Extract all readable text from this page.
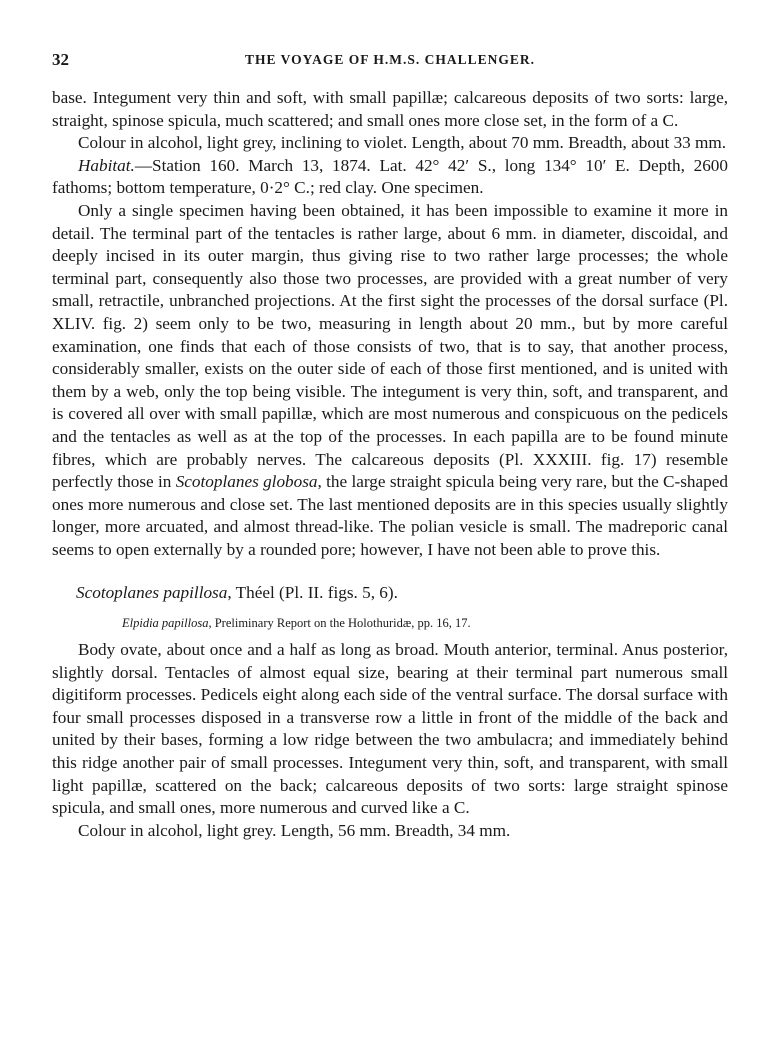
32	THE VOYAGE OF H.M.S. CHALLENGER.

base. Integument very thin and soft, with small papillæ; calcareous deposits of two sorts: large, straight, spinose spicula, much scattered; and small ones more close set, in the form of a C.

Colour in alcohol, light grey, inclining to violet. Length, about 70 mm. Breadth, about 33 mm.

Habitat.—Station 160. March 13, 1874. Lat. 42° 42′ S., long 134° 10′ E. Depth, 2600 fathoms; bottom temperature, 0·2° C.; red clay. One specimen.

Only a single specimen having been obtained, it has been impossible to examine it more in detail. The terminal part of the tentacles is rather large, about 6 mm. in diameter, discoidal, and deeply incised in its outer margin, thus giving rise to two rather large processes; the whole terminal part, consequently also those two processes, are provided with a great number of very small, retractile, unbranched projections. At the first sight the processes of the dorsal surface (Pl. XLIV. fig. 2) seem only to be two, measuring in length about 20 mm., but by more careful examination, one finds that each of those consists of two, that is to say, that another process, considerably smaller, exists on the outer side of each of those first mentioned, and is united with them by a web, only the top being visible. The integument is very thin, soft, and transparent, and is covered all over with small papillæ, which are most numerous and conspicuous on the pedicels and the tentacles as well as at the top of the processes. In each papilla are to be found minute fibres, which are probably nerves. The calcareous deposits (Pl. XXXIII. fig. 17) resemble perfectly those in Scotoplanes globosa, the large straight spicula being very rare, but the C-shaped ones more numerous and close set. The last mentioned deposits are in this species usually slightly longer, more arcuated, and almost thread-like. The polian vesicle is small. The madreporic canal seems to open externally by a rounded pore; however, I have not been able to prove this.

Scotoplanes papillosa, Théel (Pl. II. figs. 5, 6).
Elpidia papillosa, Preliminary Report on the Holothuridæ, pp. 16, 17.

Body ovate, about once and a half as long as broad. Mouth anterior, terminal. Anus posterior, slightly dorsal. Tentacles of almost equal size, bearing at their terminal part numerous small digitiform processes. Pedicels eight along each side of the ventral surface. The dorsal surface with four small processes disposed in a transverse row a little in front of the middle of the back and united by their bases, forming a low ridge between the two ambulacra; and immediately behind this ridge another pair of small processes. Integument very thin, soft, and transparent, with small light papillæ, scattered on the back; calcareous deposits of two sorts: large straight spinose spicula, and small ones, more numerous and curved like a C.

Colour in alcohol, light grey. Length, 56 mm. Breadth, 34 mm.
